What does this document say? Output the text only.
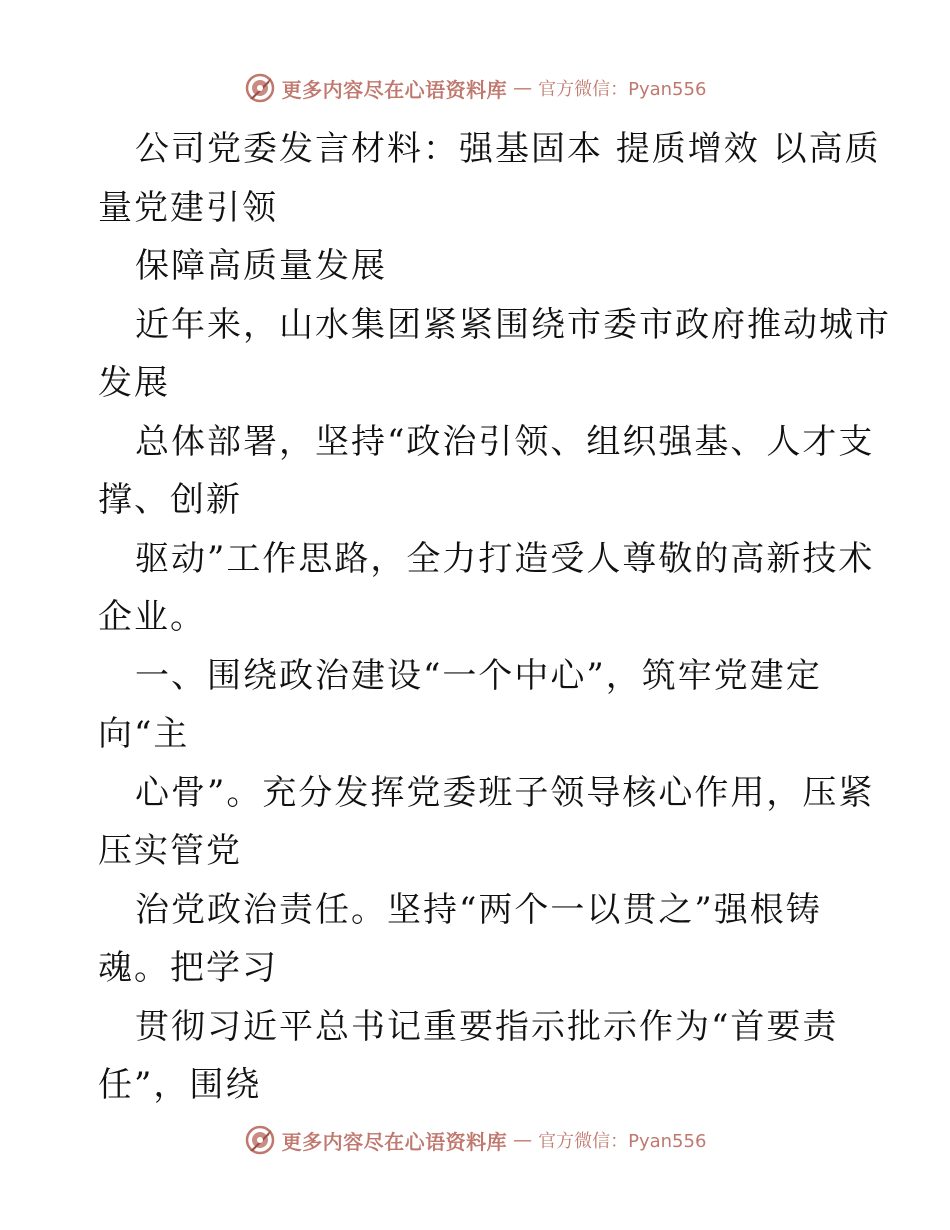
更多内容尽在心语资料库 — 官方微信：Pyan556
公司党委发言材料：强基固本 提质增效 以高质
量党建引领
保障高质量发展
近年来，山水集团紧紧围绕市委市政府推动城市
发展
总体部署，坚持“政治引领、组织强基、人才支
撑、创新
驱动”工作思路，全力打造受人尊敬的高新技术
企业。
一、围绕政治建设“一个中心”，筑牢党建定
向“主
心骨”。充分发挥党委班子领导核心作用，压紧
压实管党
治党政治责任。坚持“两个一以贯之”强根铸
魂。把学习
贯彻习近平总书记重要指示批示作为“首要责
任”，围绕
更多内容尽在心语资料库 — 官方微信：Pyan556
